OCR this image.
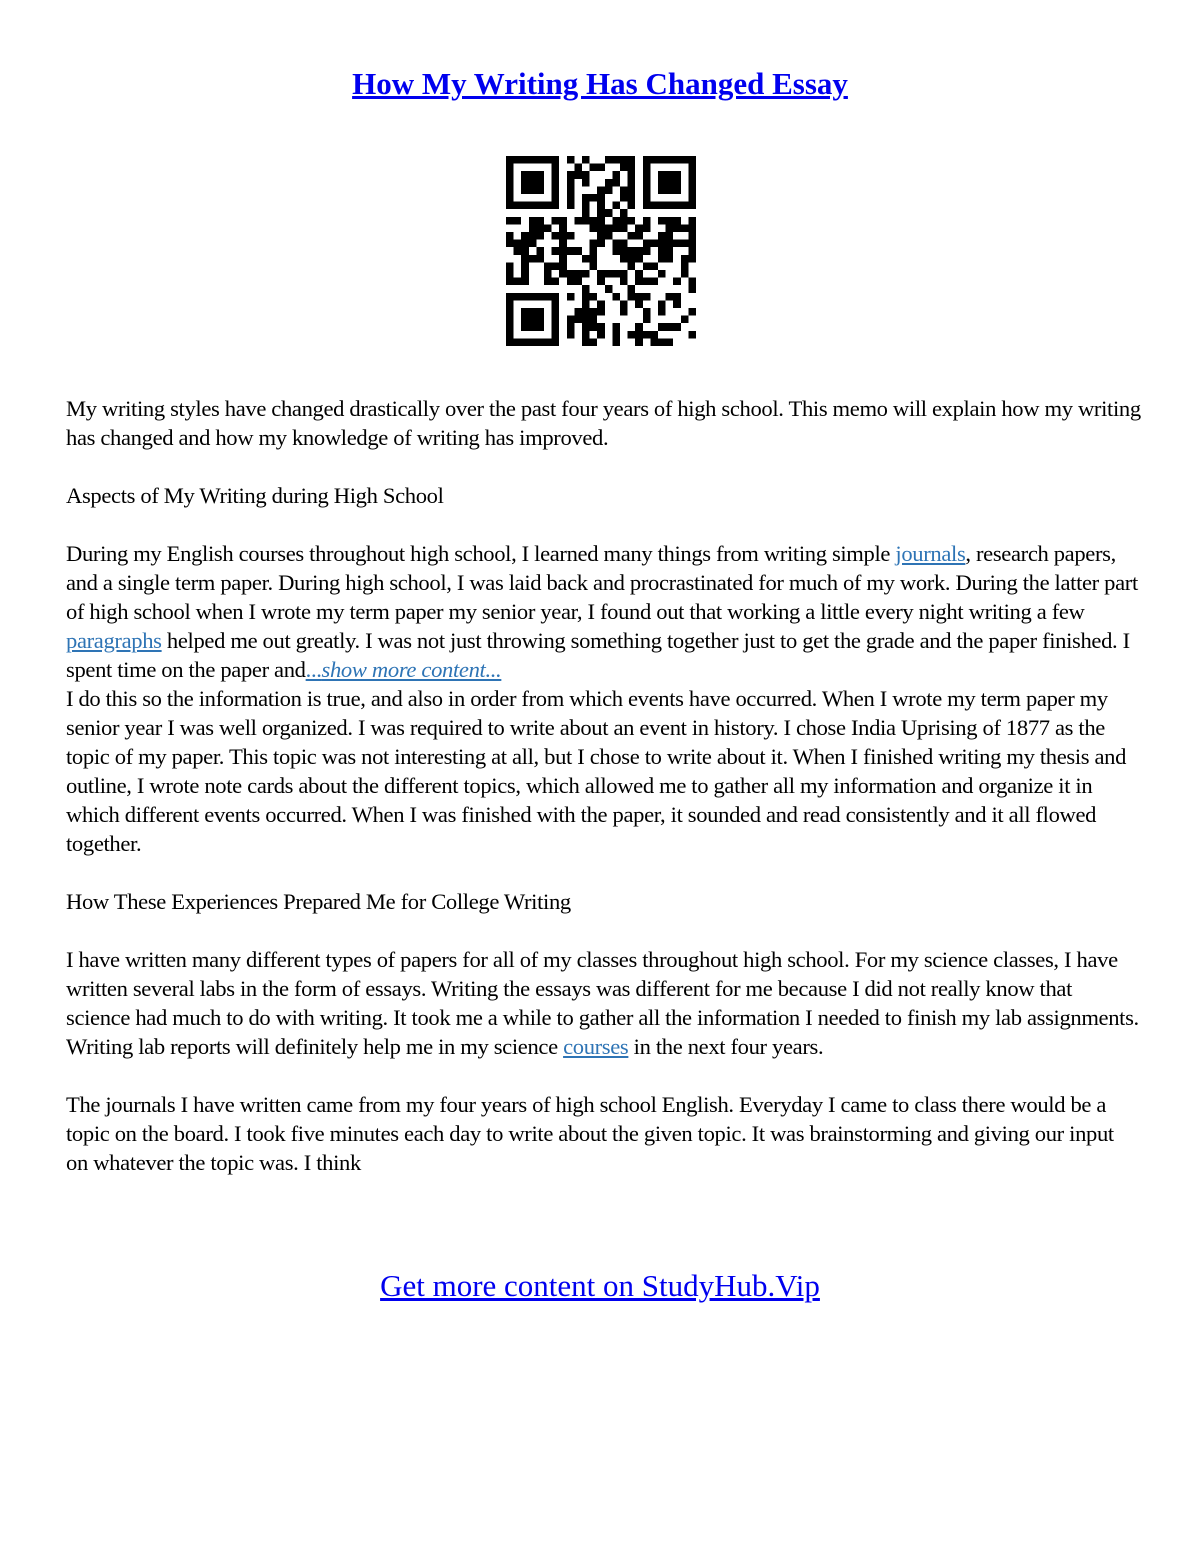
How My Writing Has Changed Essay

My writing styles have changed drastically over the past four years of high school. This memo will explain how my writing has changed and how my knowledge of writing has improved.

Aspects of My Writing during High School

During my English courses throughout high school, I learned many things from writing simple journals, research papers, and a single term paper. During high school, I was laid back and procrastinated for much of my work. During the latter part of high school when I wrote my term paper my senior year, I found out that working a little every night writing a few paragraphs helped me out greatly. I was not just throwing something together just to get the grade and the paper finished. I spent time on the paper and...show more content...

I do this so the information is true, and also in order from which events have occurred. When I wrote my term paper my senior year I was well organized. I was required to write about an event in history. I chose India Uprising of 1877 as the topic of my paper. This topic was not interesting at all, but I chose to write about it. When I finished writing my thesis and outline, I wrote note cards about the different topics, which allowed me to gather all my information and organize it in which different events occurred. When I was finished with the paper, it sounded and read consistently and it all flowed together.

How These Experiences Prepared Me for College Writing

I have written many different types of papers for all of my classes throughout high school. For my science classes, I have written several labs in the form of essays. Writing the essays was different for me because I did not really know that science had much to do with writing. It took me a while to gather all the information I needed to finish my lab assignments. Writing lab reports will definitely help me in my science courses in the next four years.

The journals I have written came from my four years of high school English. Everyday I came to class there would be a topic on the board. I took five minutes each day to write about the given topic. It was brainstorming and giving our input on whatever the topic was. I think

Get more content on StudyHub.Vip
